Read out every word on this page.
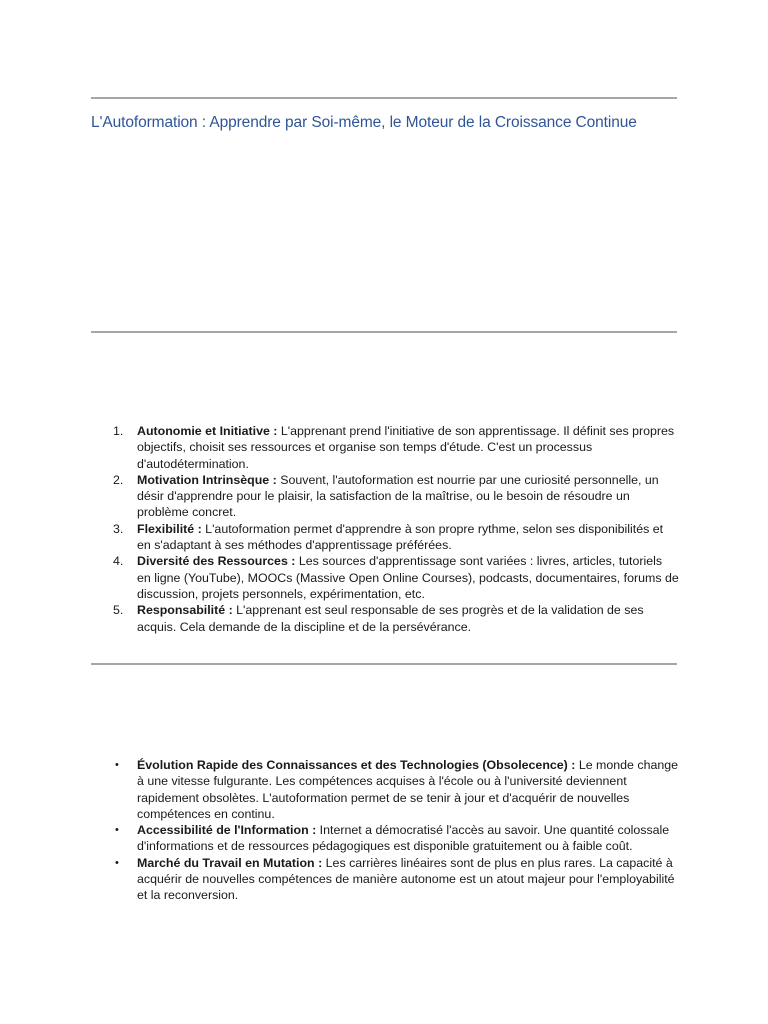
L'Autoformation : Apprendre par Soi-même, le Moteur de la Croissance Continue
1. Autonomie et Initiative : L'apprenant prend l'initiative de son apprentissage. Il définit ses propres objectifs, choisit ses ressources et organise son temps d'étude. C'est un processus d'autodétermination.
2. Motivation Intrinsèque : Souvent, l'autoformation est nourrie par une curiosité personnelle, un désir d'apprendre pour le plaisir, la satisfaction de la maîtrise, ou le besoin de résoudre un problème concret.
3. Flexibilité : L'autoformation permet d'apprendre à son propre rythme, selon ses disponibilités et en s'adaptant à ses méthodes d'apprentissage préférées.
4. Diversité des Ressources : Les sources d'apprentissage sont variées : livres, articles, tutoriels en ligne (YouTube), MOOCs (Massive Open Online Courses), podcasts, documentaires, forums de discussion, projets personnels, expérimentation, etc.
5. Responsabilité : L'apprenant est seul responsable de ses progrès et de la validation de ses acquis. Cela demande de la discipline et de la persévérance.
• Évolution Rapide des Connaissances et des Technologies (Obsolecence) : Le monde change à une vitesse fulgurante. Les compétences acquises à l'école ou à l'université deviennent rapidement obsolètes. L'autoformation permet de se tenir à jour et d'acquérir de nouvelles compétences en continu.
• Accessibilité de l'Information : Internet a démocratisé l'accès au savoir. Une quantité colossale d'informations et de ressources pédagogiques est disponible gratuitement ou à faible coût.
• Marché du Travail en Mutation : Les carrières linéaires sont de plus en plus rares. La capacité à acquérir de nouvelles compétences de manière autonome est un atout majeur pour l'employabilité et la reconversion.
